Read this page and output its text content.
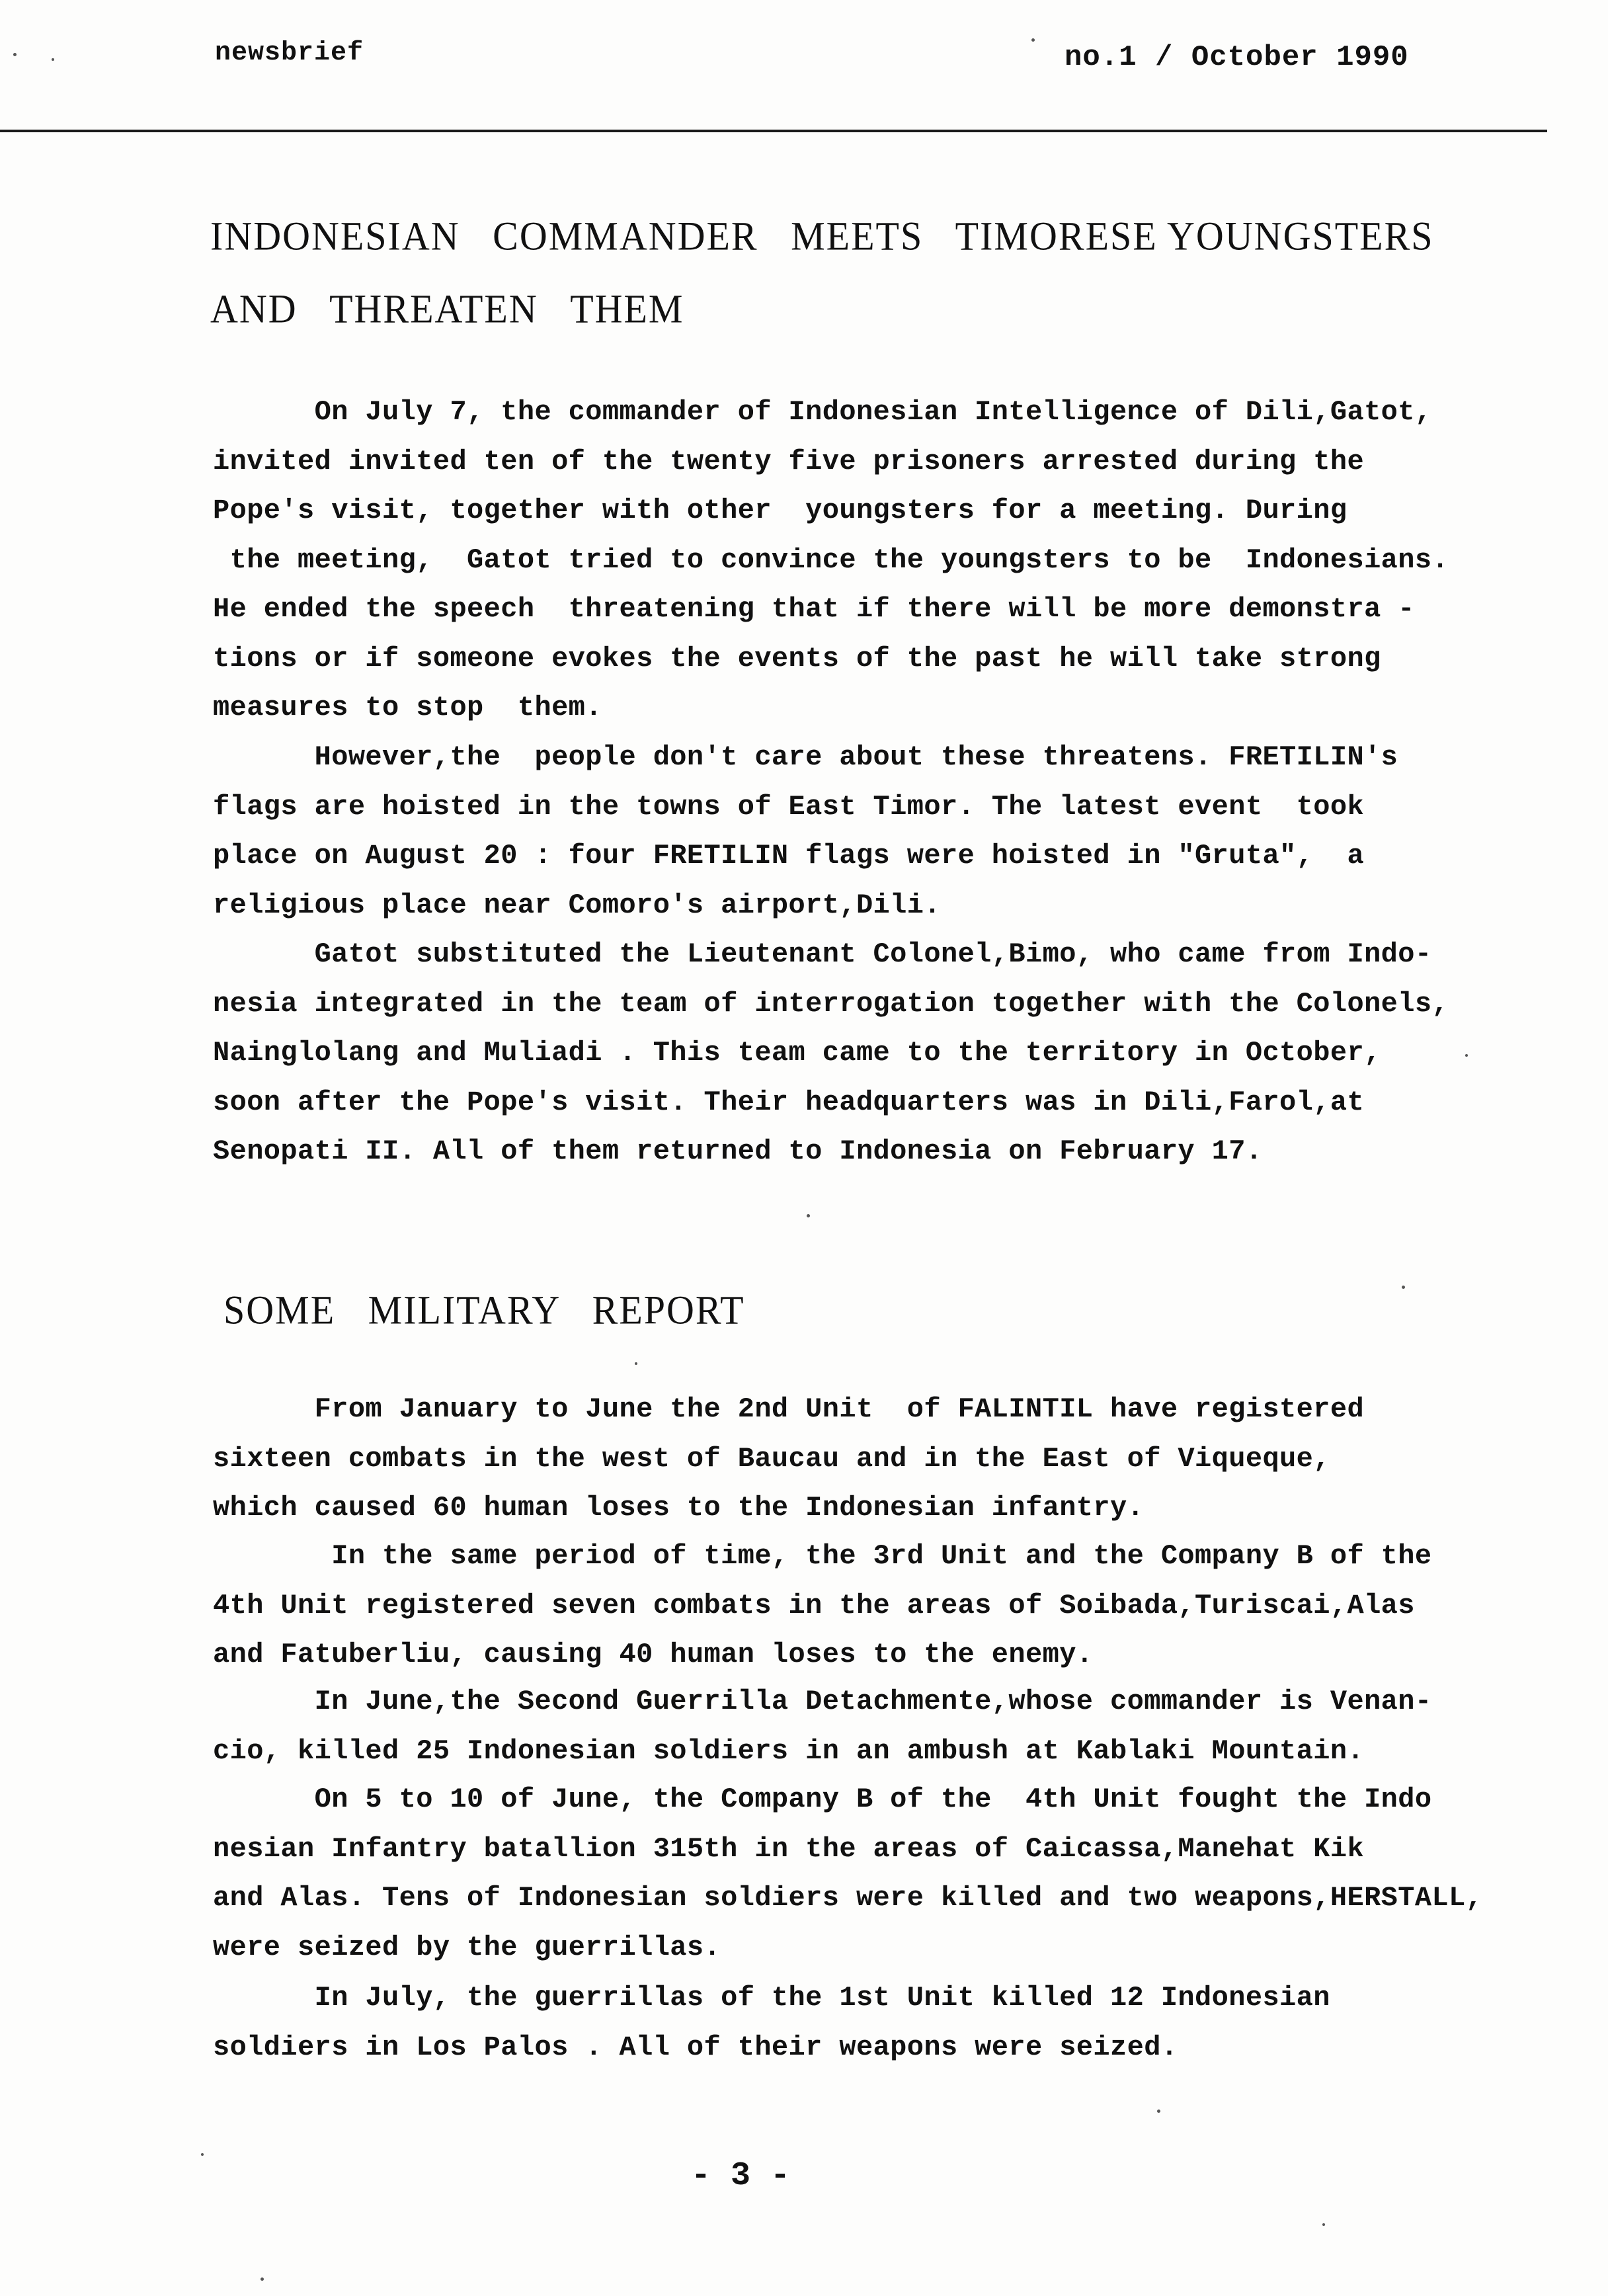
newsbrief	no.1 / October 1990
INDONESIAN   COMMANDER   MEETS   TIMORESE YOUNGSTERS
AND   THREATEN   THEM
On July 7, the commander of Indonesian Intelligence of Dili,Gatot,
invited invited ten of the twenty five prisoners arrested during the
Pope's visit, together with other  youngsters for a meeting. During
the meeting,  Gatot tried to convince the youngsters to be  Indonesians.
He ended the speech  threatening that if there will be more demonstra -
tions or if someone evokes the events of the past he will take strong
measures to stop  them.
However,the  people don't care about these threatens. FRETILIN's
flags are hoisted in the towns of East Timor. The latest event  took
place on August 20 : four FRETILIN flags were hoisted in "Gruta",  a
religious place near Comoro's airport,Dili.
Gatot substituted the Lieutenant Colonel,Bimo, who came from Indo-
nesia integrated in the team of interrogation together with the Colonels,
Nainglolang and Muliadi . This team came to the territory in October,
soon after the Pope's visit. Their headquarters was in Dili,Farol,at
Senopati II. All of them returned to Indonesia on February 17.
SOME   MILITARY   REPORT
From January to June the 2nd Unit  of FALINTIL have registered
sixteen combats in the west of Baucau and in the East of Viqueque,
which caused 60 human loses to the Indonesian infantry.
In the same period of time, the 3rd Unit and the Company B of the
4th Unit registered seven combats in the areas of Soibada,Turiscai,Alas
and Fatuberliu, causing 40 human loses to the enemy.
In June,the Second Guerrilla Detachmente,whose commander is Venan-
cio, killed 25 Indonesian soldiers in an ambush at Kablaki Mountain.
On 5 to 10 of June, the Company B of the  4th Unit fought the Indo
nesian Infantry batallion 315th in the areas of Caicassa,Manehat Kik
and Alas. Tens of Indonesian soldiers were killed and two weapons,HERSTALL,
were seized by the guerrillas.
In July, the guerrillas of the 1st Unit killed 12 Indonesian
soldiers in Los Palos . All of their weapons were seized.
- 3 -
